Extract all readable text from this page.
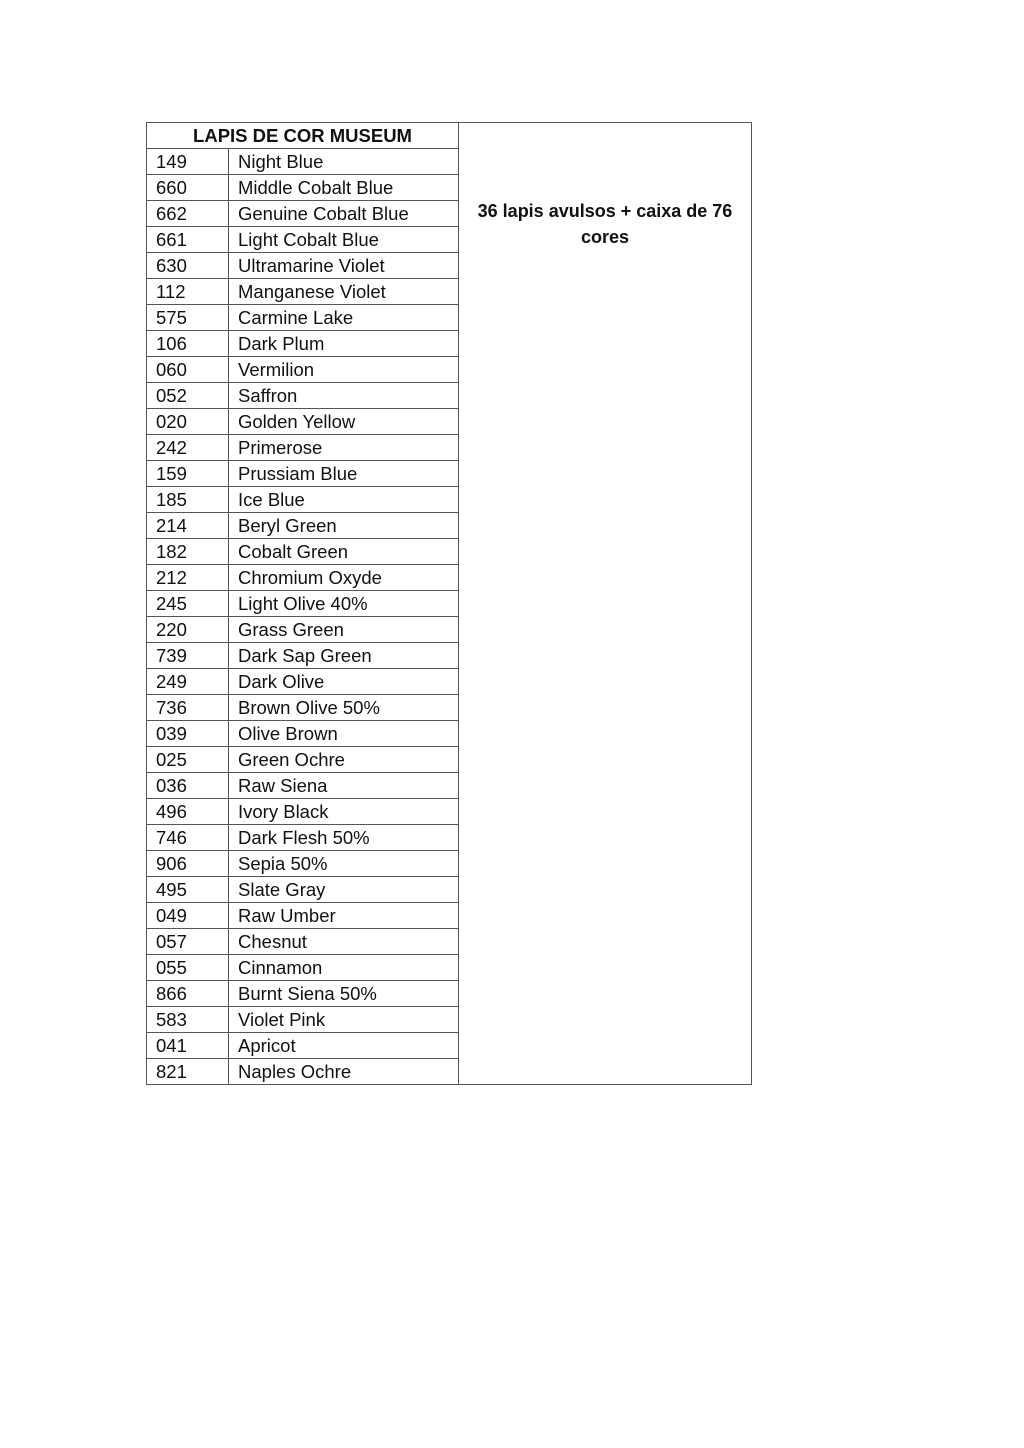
LAPIS DE COR MUSEUM		36 lapis avulsos + caixa de 76 cores
149	Night Blue	
660	Middle Cobalt Blue	
662	Genuine Cobalt Blue	
661	Light Cobalt Blue	
630	Ultramarine Violet	
112	Manganese Violet	
575	Carmine Lake	
106	Dark Plum	
060	Vermilion	
052	Saffron	
020	Golden Yellow	
242	Primerose	
159	Prussiam Blue	
185	Ice Blue	
214	Beryl Green	
182	Cobalt Green	
212	Chromium Oxyde	
245	Light Olive 40%	
220	Grass Green	
739	Dark Sap Green	
249	Dark Olive	
736	Brown Olive 50%	
039	Olive Brown	
025	Green Ochre	
036	Raw Siena	
496	Ivory Black	
746	Dark Flesh 50%	
906	Sepia 50%	
495	Slate Gray	
049	Raw Umber	
057	Chesnut	
055	Cinnamon	
866	Burnt Siena 50%	
583	Violet Pink	
041	Apricot	
821	Naples Ochre	
